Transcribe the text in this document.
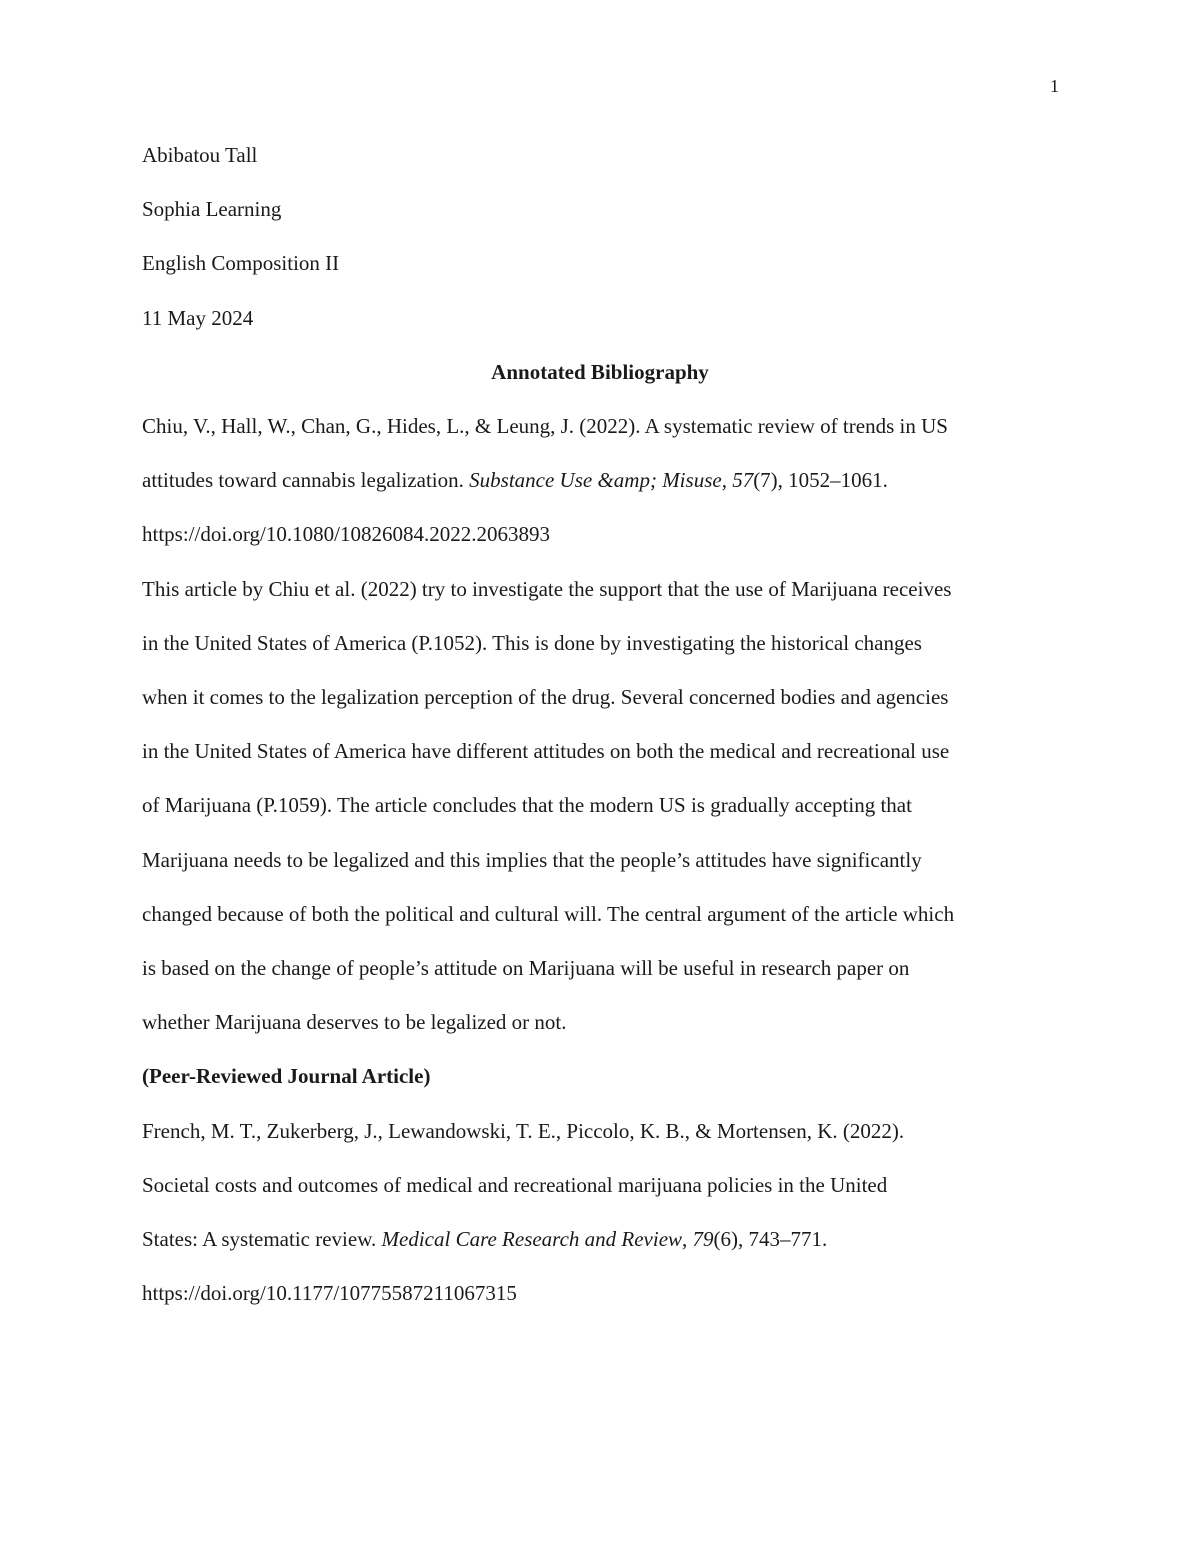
1

Abibatou Tall

Sophia Learning

English Composition II

11 May 2024

Annotated Bibliography

Chiu, V., Hall, W., Chan, G., Hides, L., & Leung, J. (2022). A systematic review of trends in US
attitudes toward cannabis legalization. Substance Use &amp; Misuse, 57(7), 1052–1061.
https://doi.org/10.1080/10826084.2022.2063893
This article by Chiu et al. (2022) try to investigate the support that the use of Marijuana receives
in the United States of America (P.1052). This is done by investigating the historical changes
when it comes to the legalization perception of the drug. Several concerned bodies and agencies
in the United States of America have different attitudes on both the medical and recreational use
of Marijuana (P.1059). The article concludes that the modern US is gradually accepting that
Marijuana needs to be legalized and this implies that the people’s attitudes have significantly
changed because of both the political and cultural will. The central argument of the article which
is based on the change of people’s attitude on Marijuana will be useful in research paper on
whether Marijuana deserves to be legalized or not.

(Peer-Reviewed Journal Article)

French, M. T., Zukerberg, J., Lewandowski, T. E., Piccolo, K. B., & Mortensen, K. (2022).
Societal costs and outcomes of medical and recreational marijuana policies in the United
States: A systematic review. Medical Care Research and Review, 79(6), 743–771.
https://doi.org/10.1177/10775587211067315
